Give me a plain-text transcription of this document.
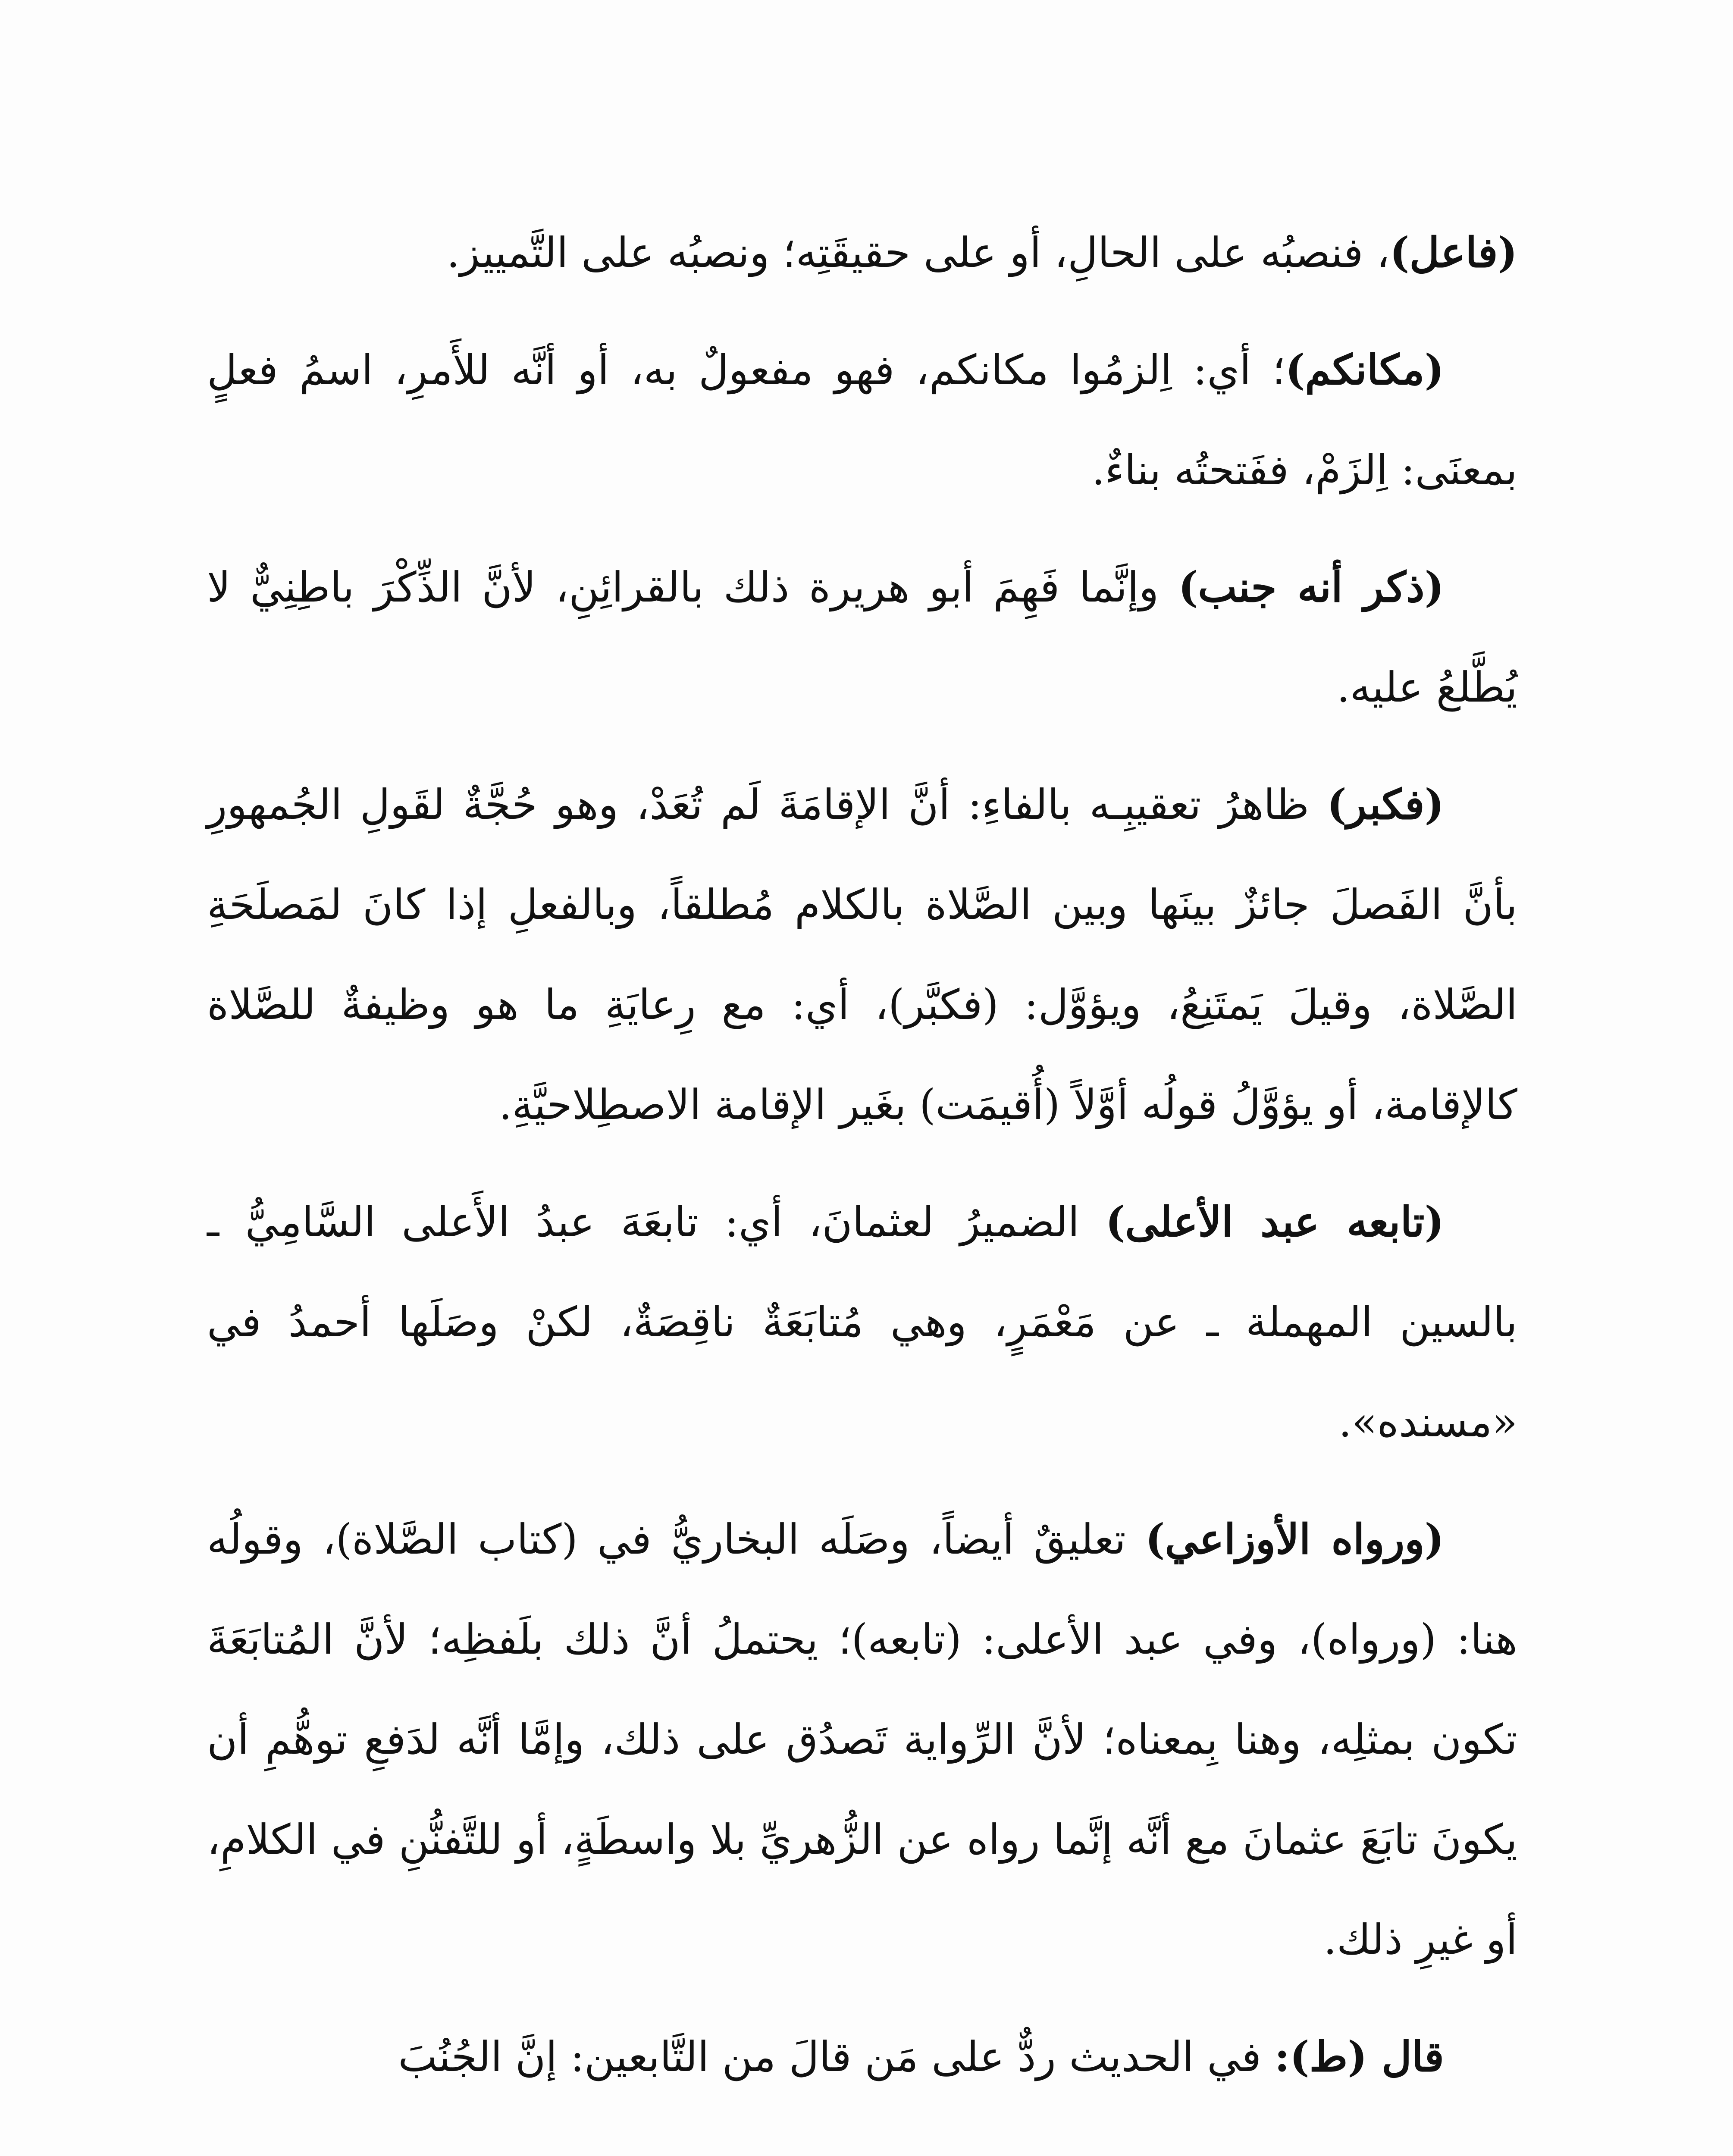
(فاعل)، فنصبُه على الحالِ، أو على حقيقَتِه؛ ونصبُه على التَّمييز.

(مكانكم)؛ أي: اِلزمُوا مكانكم، فهو مفعولٌ به، أو أنَّه للأَمرِ، اسمُ فعلٍ بمعنَى: اِلزَمْ، ففَتحتُه بناءٌ.

(ذكر أنه جنب) وإنَّما فَهِمَ أبو هريرة ذلك بالقرائِنِ، لأنَّ الذِّكْرَ باطِنِيٌّ لا يُطَّلعُ عليه.

(فكبر) ظاهرُ تعقيبِـه بالفاءِ: أنَّ الإقامَةَ لَم تُعَدْ، وهو حُجَّةٌ لقَولِ الجُمهورِ بأنَّ الفَصلَ جائزٌ بينَها وبين الصَّلاة بالكلام مُطلقاً، وبالفعلِ إذا كانَ لمَصلَحَةِ الصَّلاة، وقيلَ يَمتَنِعُ، ويؤوَّل: (فكبَّر)، أي: مع رِعايَةِ ما هو وظيفةٌ للصَّلاة كالإقامة، أو يؤوَّلُ قولُه أوَّلاً (أُقيمَت) بغَير الإقامة الاصطِلاحيَّةِ.

(تابعه عبد الأعلى) الضميرُ لعثمانَ، أي: تابعَهَ عبدُ الأَعلى السَّامِيُّ ـ بالسين المهملة ـ عن مَعْمَرٍ، وهي مُتابَعَةٌ ناقِصَةٌ، لكنْ وصَلَها أحمدُ في «مسنده».

(ورواه الأوزاعي) تعليقٌ أيضاً، وصَلَه البخاريُّ في (كتاب الصَّلاة)، وقولُه هنا: (ورواه)، وفي عبد الأعلى: (تابعه)؛ يحتملُ أنَّ ذلك بلَفظِه؛ لأنَّ المُتابَعَةَ تكون بمثلِه، وهنا بِمعناه؛ لأنَّ الرِّواية تَصدُق على ذلك، وإمَّا أنَّه لدَفعِ توهُّمِ أن يكونَ تابَعَ عثمانَ مع أنَّه إنَّما رواه عن الزُّهريِّ بلا واسطَةٍ، أو للتَّفنُّنِ في الكلامِ، أو غيرِ ذلك.

قال (ط): في الحديث ردٌّ على مَن قالَ من التَّابعين: إنَّ الجُنُبَ
